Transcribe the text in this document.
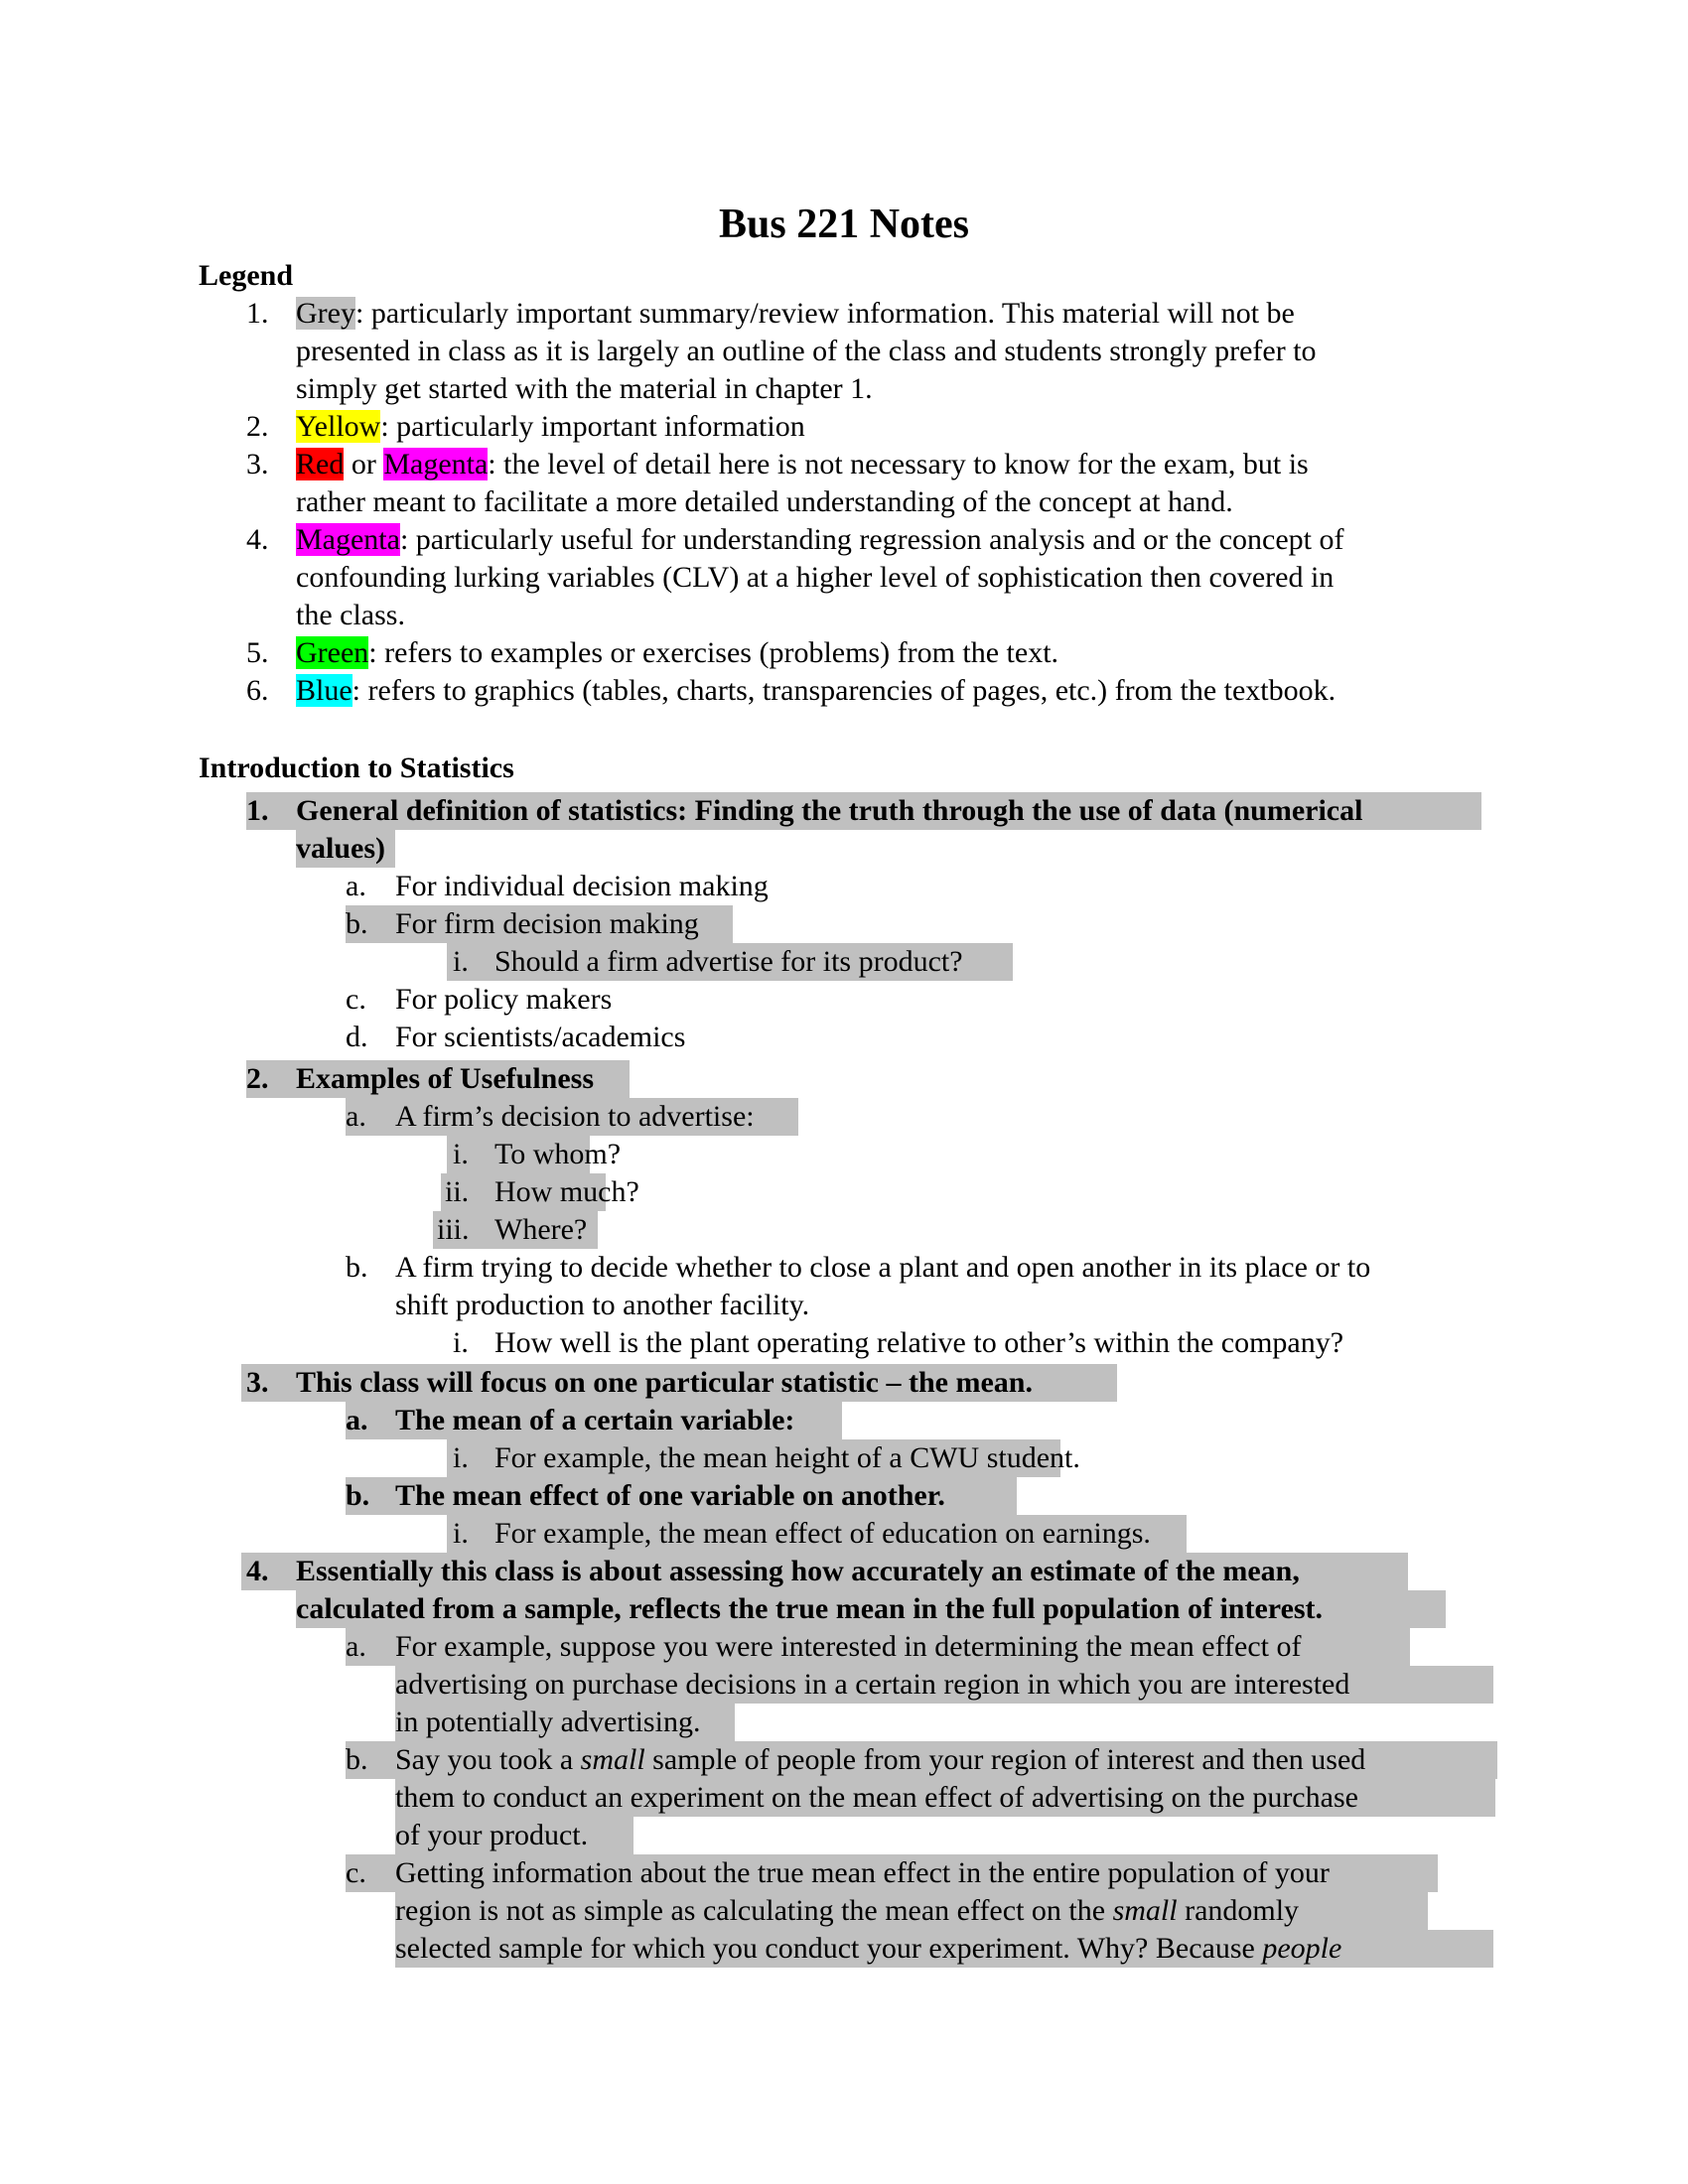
Bus 221 Notes
Legend
1. Grey: particularly important summary/review information. This material will not be
presented in class as it is largely an outline of the class and students strongly prefer to
simply get started with the material in chapter 1.
2. Yellow: particularly important information
3. Red or Magenta: the level of detail here is not necessary to know for the exam, but is
rather meant to facilitate a more detailed understanding of the concept at hand.
4. Magenta: particularly useful for understanding regression analysis and or the concept of
confounding lurking variables (CLV) at a higher level of sophistication then covered in
the class.
5. Green: refers to examples or exercises (problems) from the text.
6. Blue: refers to graphics (tables, charts, transparencies of pages, etc.) from the textbook.
Introduction to Statistics
1. General definition of statistics: Finding the truth through the use of data (numerical
values)
a. For individual decision making
b. For firm decision making
i. Should a firm advertise for its product?
c. For policy makers
d. For scientists/academics
2. Examples of Usefulness
a. A firm’s decision to advertise:
i. To whom?
ii. How much?
iii. Where?
b. A firm trying to decide whether to close a plant and open another in its place or to
shift production to another facility.
i. How well is the plant operating relative to other’s within the company?
3. This class will focus on one particular statistic – the mean.
a. The mean of a certain variable:
i. For example, the mean height of a CWU student.
b. The mean effect of one variable on another.
i. For example, the mean effect of education on earnings.
4. Essentially this class is about assessing how accurately an estimate of the mean,
calculated from a sample, reflects the true mean in the full population of interest.
a. For example, suppose you were interested in determining the mean effect of
advertising on purchase decisions in a certain region in which you are interested
in potentially advertising.
b. Say you took a small sample of people from your region of interest and then used
them to conduct an experiment on the mean effect of advertising on the purchase
of your product.
c. Getting information about the true mean effect in the entire population of your
region is not as simple as calculating the mean effect on the small randomly
selected sample for which you conduct your experiment. Why? Because people
